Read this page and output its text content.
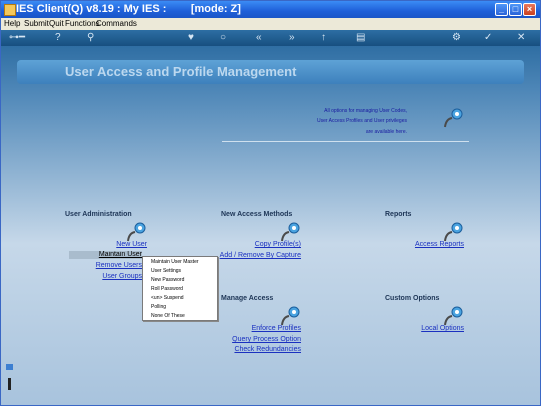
IES Client(Q) v8.19 : My IES :        [mode: Z]	_ □ ×
Help Submit Quit Functions
Commands
⊶━	?	⚲	♥	○	«	»	↑	▤	⚙ ✓ ✕
User Access and Profile Management
All options for managing User Codes,
User Access Profiles and User privileges
are available here.
User Administration
New User
Maintain User
Remove Users
User Groups
New Access Methods
Copy Profile(s)
Add / Remove By Capture
Reports
Access Reports
Manage Access
Enforce Profiles
Query Process Option
Check Redundancies
Custom Options
Local Options
Maintain User Master
User Settings
New Password
Roll Password
<un> Suspend
Polling
None Of These
